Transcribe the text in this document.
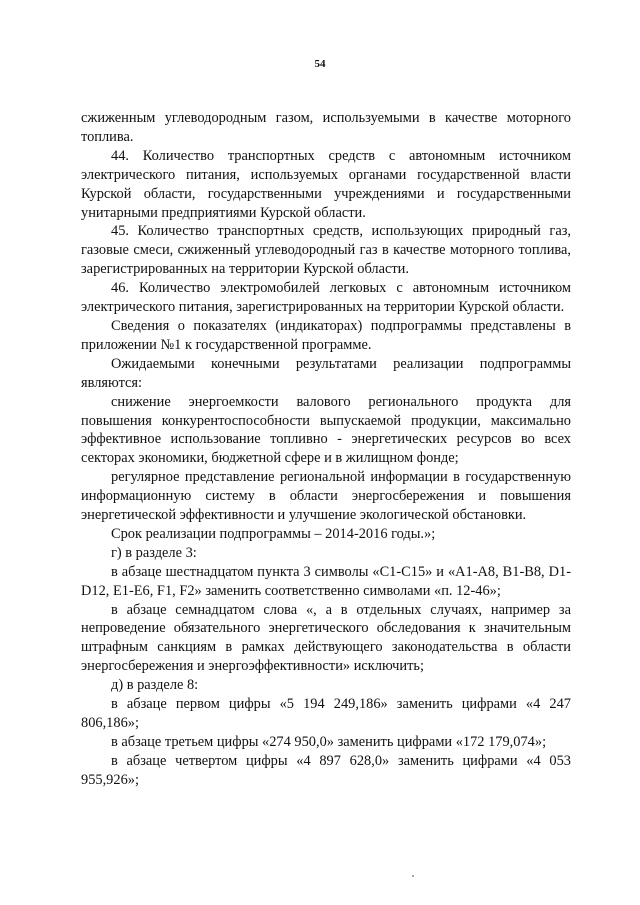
54

сжиженным углеводородным газом, используемыми в качестве моторного топлива.

44. Количество транспортных средств с автономным источником электрического питания, используемых органами государственной власти Курской области, государственными учреждениями и государственными унитарными предприятиями Курской области.

45. Количество транспортных средств, использующих природный газ, газовые смеси, сжиженный углеводородный газ в качестве моторного топлива, зарегистрированных на территории Курской области.

46. Количество электромобилей легковых с автономным источником электрического питания, зарегистрированных на территории Курской области.

Сведения о показателях (индикаторах) подпрограммы представлены в приложении №1 к государственной программе.

Ожидаемыми конечными результатами реализации подпрограммы являются:

снижение энергоемкости валового регионального продукта для повышения конкурентоспособности выпускаемой продукции, максимально эффективное использование топливно - энергетических ресурсов во всех секторах экономики, бюджетной сфере и в жилищном фонде;

регулярное представление региональной информации в государственную информационную систему в области энергосбережения и повышения энергетической эффективности и улучшение экологической обстановки.

Срок реализации подпрограммы – 2014-2016 годы.»;

г) в разделе 3:

в абзаце шестнадцатом пункта 3 символы «С1-С15» и «А1-А8, В1-В8, D1-D12, Е1-Е6, F1, F2» заменить соответственно символами «п. 12-46»;

в абзаце семнадцатом слова «, а в отдельных случаях, например за непроведение обязательного энергетического обследования к значительным штрафным санкциям в рамках действующего законодательства в области энергосбережения и энергоэффективности» исключить;

д) в разделе 8:

в абзаце первом цифры «5 194 249,186» заменить цифрами «4 247 806,186»;

в абзаце третьем цифры «274 950,0» заменить цифрами «172 179,074»;

в абзаце четвертом цифры «4 897 628,0» заменить цифрами «4 053 955,926»;
